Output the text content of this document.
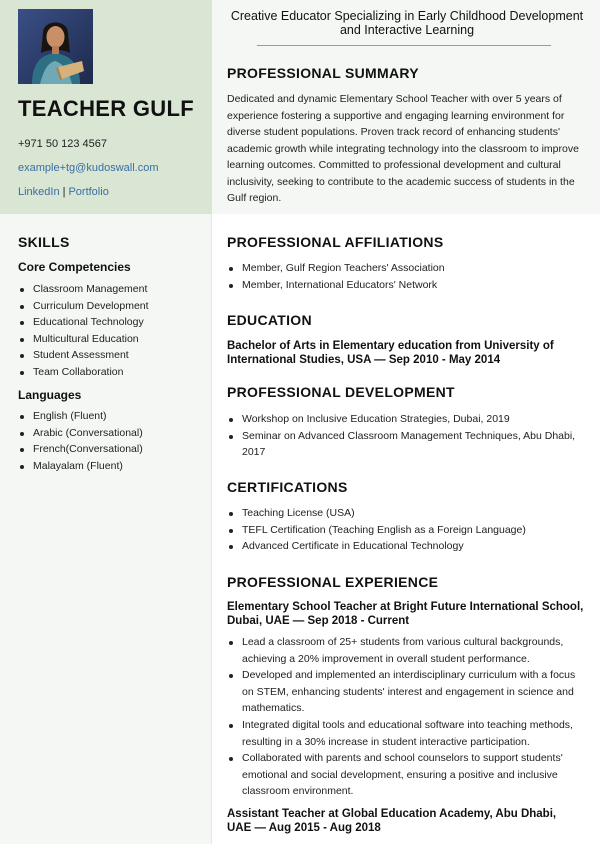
TEACHER GULF
+971 50 123 4567
example+tg@kudoswall.com
LinkedIn | Portfolio
Creative Educator Specializing in Early Childhood Development and Interactive Learning
PROFESSIONAL SUMMARY

Dedicated and dynamic Elementary School Teacher with over 5 years of experience fostering a supportive and engaging learning environment for diverse student populations. Proven track record of enhancing students' academic growth while integrating technology into the classroom to improve learning outcomes. Committed to professional development and cultural inclusivity, seeking to contribute to the academic success of students in the Gulf region.

SKILLS
Core Competencies
Classroom Management
Curriculum Development
Educational Technology
Multicultural Education
Student Assessment
Team Collaboration
Languages
English (Fluent)
Arabic (Conversational)
French(Conversational)
Malayalam (Fluent)
PROFESSIONAL AFFILIATIONS
Member, Gulf Region Teachers' Association
Member, International Educators' Network
EDUCATION
Bachelor of Arts in Elementary education from University of International Studies, USA — Sep 2010 - May 2014
PROFESSIONAL DEVELOPMENT
Workshop on Inclusive Education Strategies, Dubai, 2019
Seminar on Advanced Classroom Management Techniques, Abu Dhabi, 2017
CERTIFICATIONS
Teaching License (USA)
TEFL Certification (Teaching English as a Foreign Language)
Advanced Certificate in Educational Technology
PROFESSIONAL EXPERIENCE
Elementary School Teacher at Bright Future International School, Dubai, UAE — Sep 2018 - Current
Lead a classroom of 25+ students from various cultural backgrounds, achieving a 20% improvement in overall student performance.
Developed and implemented an interdisciplinary curriculum with a focus on STEM, enhancing students' interest and engagement in science and mathematics.
Integrated digital tools and educational software into teaching methods, resulting in a 30% increase in student interactive participation.
Collaborated with parents and school counselors to support students' emotional and social development, ensuring a positive and inclusive classroom environment.
Assistant Teacher at Global Education Academy, Abu Dhabi, UAE — Aug 2015 - Aug 2018
